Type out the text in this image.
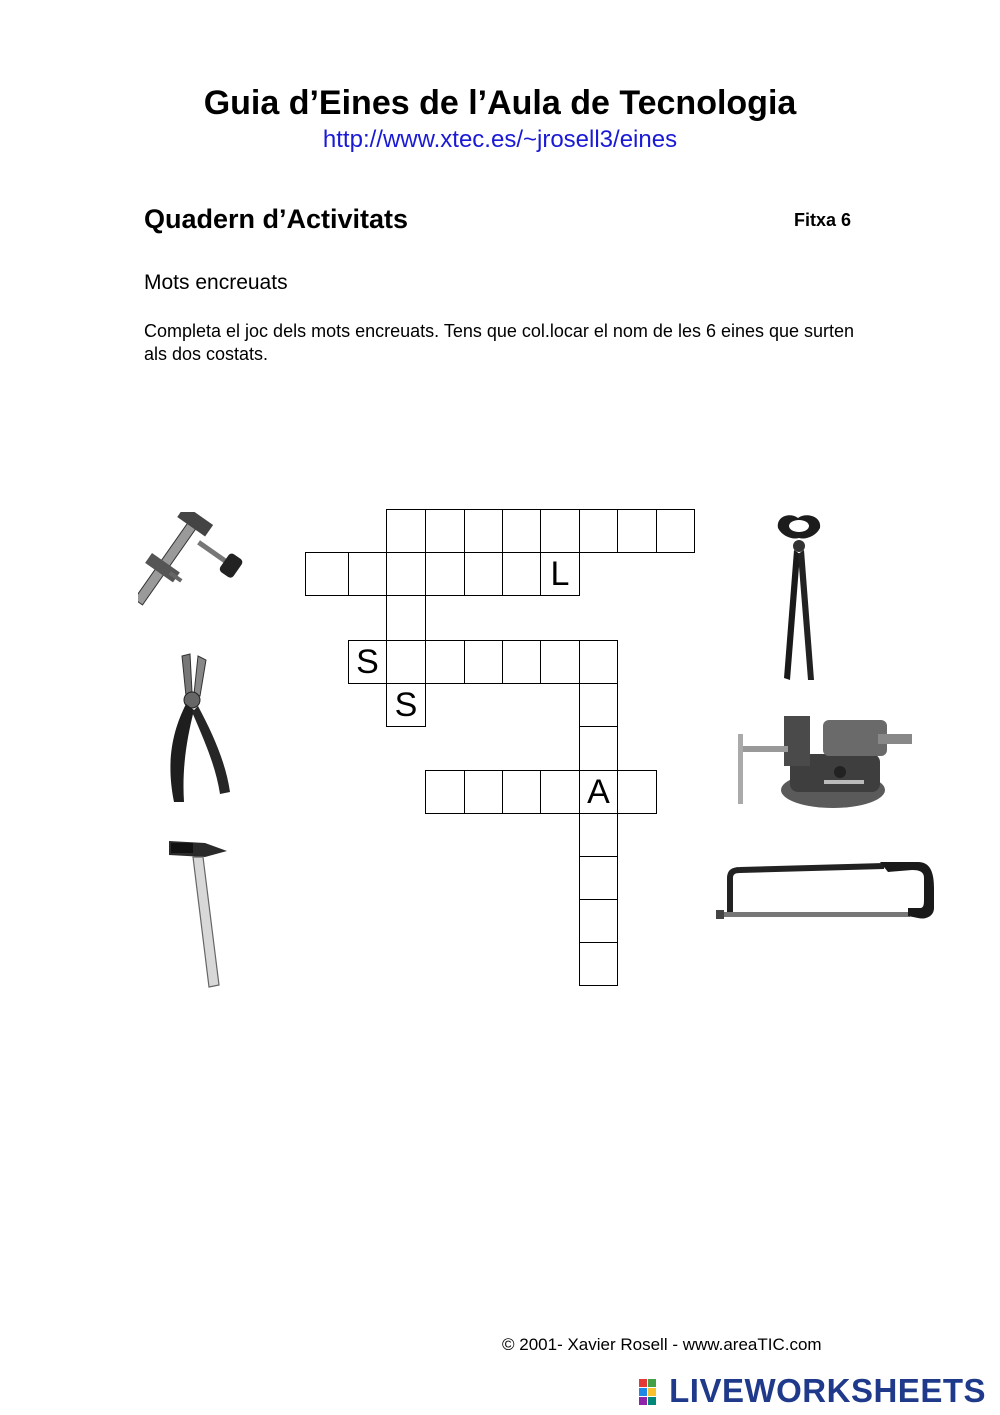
Guia d’Eines de l’Aula de Tecnologia
http://www.xtec.es/~jrosell3/eines
Quadern d’Activitats	Fitxa 6
Mots encreuats
Completa el joc dels mots encreuats. Tens que col.locar el nom de les 6 eines que surten als dos costats.
L
S
S
A
© 2001- Xavier Rosell - www.areaTIC.com
LIVEWORKSHEETS
